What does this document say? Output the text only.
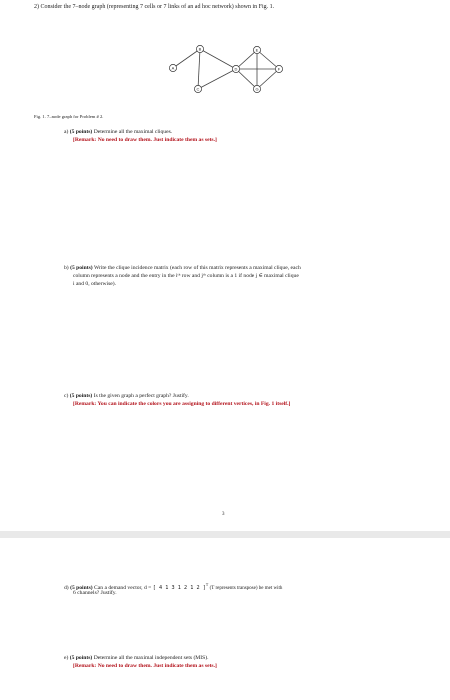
2) Consider the 7–node graph (representing 7 cells or 7 links of an ad hoc network) shown in Fig. 1.
A
B
C
D
E
F
G
Fig. 1. 7–node graph for Problem # 2.
a) (5 points) Determine all the maximal cliques.
[Remark: No need to draw them. Just indicate them as sets.]
b) (5 points) Write the clique incidence matrix (each row of this matrix represents a maximal clique, each
column represents a node and the entry in the iᵗʰ row and jᵗʰ column is a 1 if node j ∈ maximal clique
i and 0, otherwise).
c) (5 points) Is the given graph a perfect graph? Justify.
[Remark: You can indicate the colors you are assigning to different vertices, in Fig. 1 itself.]
3
d) (5 points) Can a demand vector, d = [ 4 1 3 1 2 1 2 ]$^T$ (T represents transpose) be met with
6 channels? Justify.
e) (5 points) Determine all the maximal independent sets (MIS).
[Remark: No need to draw them. Just indicate them as sets.]
